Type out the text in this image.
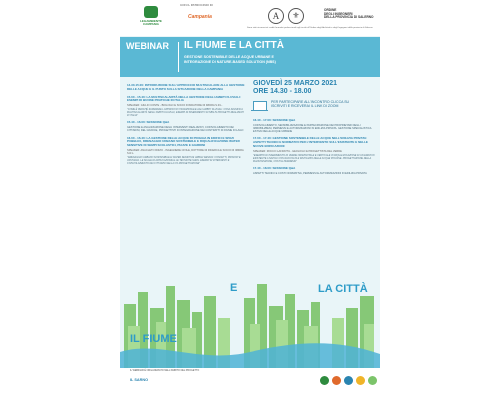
LEGAMBIENTE
CAMPANIA
CON IL PATROCINIO DI
Campania	A	⚜
ORDINE
DEGLI INGEGNERI
DELLA PROVINCIA DI SALERNO
Sono stati riconosciuti crediti formativi professionali agli iscritti all'Ordine degli Architetti e degli Ingegneri della provincia di Salerno
WEBINAR IL FIUME E LA CITTÀ
GESTIONE SOSTENIBILE DELLE ACQUE URBANE E
INTEGRAZIONE DI NATURE-BASED SOLUTION (NBS)
14.30-15.00: INTRODUZIONE SULL'APPROCCIO MULTISCALARE ALLA GESTIONE DELLE ACQUE E IL PUNTO SULLA SITUAZIONE DELLA CAMPANIA
15.00 - 15.40: LA MULTISCALARITÀ NELLA GESTIONE DEGLI AMBITI FLUVIALI: ESEMPI DI BUONE PRATICHE IN ITALIA
SPEAKER: GIULIO CONTE - BIOLOGO E SOCIO FONDATORE DI IRIDRA S.R.L.
"COME È PERCHÉ SUPERARE L'APPROCCIO TRADIZIONALE AGLI AMBITI FLUVIALI. COSA SIGNIFICA MULTISCALARITÀ NEGLI AMBITI FLUVIALI, ESEMPI DI INSERIMENTO DI NBS IN PROGETTI REALIZZATI IN ITALIA"
15.40 - 16.00: SESSIONE Q&A
GESTIONE E ANALIZZAZIONE DEGLI INTERVENTI REALIZZATI, COINVOLGIMENTO DEI CITTADINI, DEL GIUDICE, PROGETTISTI DI INTEGRAZIONE NEI CONTRATTI DI FIUME DI LAGO
16.00 - 16.40: LA GESTIONE DELLE ACQUE DI PIOGGIA IN EDIFICI E SPAZI PUBBLICI, DRENAGGIO URBANO SOSTENIBILE E RIQUALIFICAZIONE WATER SENSITIVE DI SEMPI SCOLASTICI, PIAZZE E GIARDINI
SPEAKER: ANACLETO RIZZO - INGEGNERE CIVILE, DOTTORE DI RICERCA E SOCIO DI IRIDRA S.R.L.
"DRENAGGIO URBANO SOSTENIBILE E WATER SENSITIVE URBAN DESIGN: CONCETTI, PRINCIPI E VANTAGGI. LE SCALE DI APPLICAZIONE E LE TECNICHE SUDS. ESEMPI DI INTERVENTI E COINVOLGIMENTO DEI CITTADINI NELLA CO-PROGETTAZIONE"
GIOVEDÌ 25 MARZO 2021
ORE 14.30 - 18.00
PER PARTECIPARE ALL'INCONTRO CLICCA SU
ISCRIVITI E RICEVERAI IL LINK DI ZOOM
16.40 - 17.00: SESSIONE Q&A
COINVOLGIMENTO, SENSIBILIZZAZIONE E PARTECIPAZIONE DEI PROPRIETARI DEGLI IMMOBILI/BENI, PERMESSI E AUTORIZZAZIONI IN EDILIZIA PRIVATA. GESTIONE SPECIALISTICA ESTIVA DELLE ACQUE URBANE
17.00 - 17.40: GESTIONE SOSTENIBILE DELLE ACQUE NELL'EDILIZIA PRIVATA: ASPETTI TECNICI E NORMATIVI PER L'INTERVENTO SULL'ESISTENTE E NELLE NUOVE EDIFICAZIONI
SPEAKER: ROCCO LAFRATTA - GEOLOGO E PROGETTISTA DEL VERDE
"ESEMPIO DI INSERIMENTO DI VERDE ORIZZONTALE E VERTICALE IN RIQUALIFICAZIONE DI UN EDIFICIO ESISTENTE A NAPOLI CON RACCOLTA E RIUTILIZZO DELLE ACQUE PIOVANE. PROGETTAZIONE DELLA MANUTENZIONE, COSTI E PERMESSI"
17.40 - 18.00: SESSIONE Q&A
ASPETTI TECNICI E COSTI NORMATIVA, PERMESSI E AUTORIZZAZIONI IN EDILIZIA PRIVATA
LA CITTÀ
E
IL FIUME
IL WEBINAR È ORGANIZZATO NELL'AMBITO DEL PROGETTO
IL SARNO
